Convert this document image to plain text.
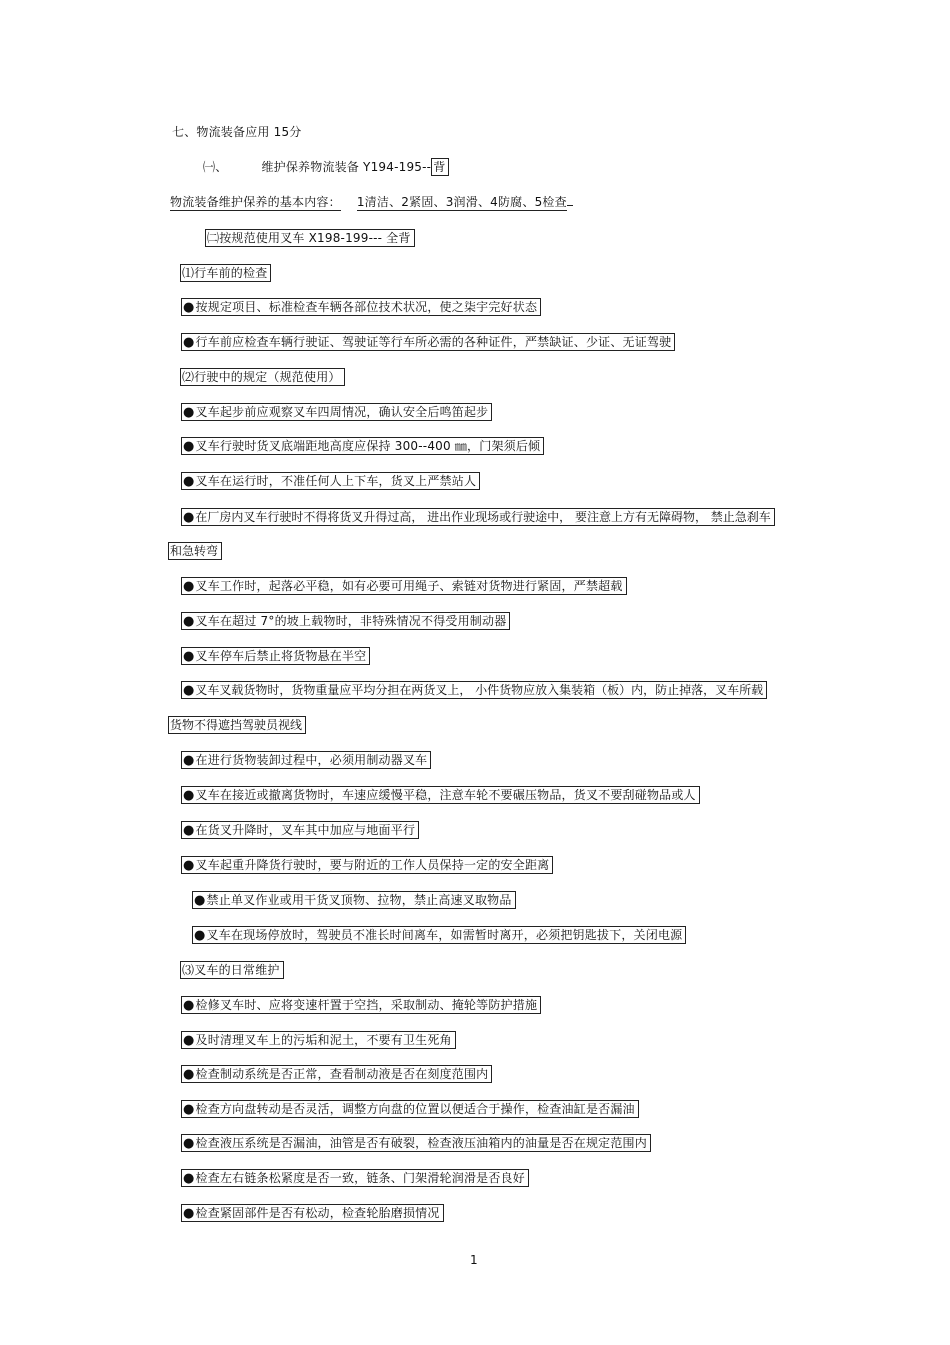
七、物流装备应用 15分
㈠、	维护保养物流装备 Y194-195-- 背
物流装备维护保养的基本内容： 1清洁、2紧固、3润滑、4防腐、5检查
㈡按规范使用叉车 X198-199--- 全背
⑴行车前的检查
●按规定项目、标准检查车辆各部位技术状况，使之柒宇完好状态
●行车前应检查车辆行驶证、驾驶证等行车所必需的各种证件，严禁缺证、少证、无证驾驶
⑵行驶中的规定（规范使用）
●叉车起步前应观察叉车四周情况，确认安全后鸣笛起步
●叉车行驶时货叉底端距地高度应保持 300--400 ㎜，门架须后倾
●叉车在运行时，不准任何人上下车，货叉上严禁站人
●在厂房内叉车行驶时不得将货叉升得过高， 进出作业现场或行驶途中， 要注意上方有无障碍物， 禁止急刹车
和急转弯
●叉车工作时，起落必平稳，如有必要可用绳子、索链对货物进行紧固，严禁超载
●叉车在超过 7°的坡上载物时，非特殊情况不得受用制动器
●叉车停车后禁止将货物悬在半空
●叉车叉载货物时，货物重量应平均分担在两货叉上， 小件货物应放入集装箱（板）内，防止掉落，叉车所载
货物不得遮挡驾驶员视线
●在进行货物装卸过程中，必须用制动器叉车
●叉车在接近或撤离货物时，车速应缓慢平稳，注意车轮不要碾压物品，货叉不要刮碰物品或人
●在货叉升降时，叉车其中加应与地面平行
●叉车起重升降货行驶时，要与附近的工作人员保持一定的安全距离
●禁止单叉作业或用干货叉顶物、拉物，禁止高速叉取物品
●叉车在现场停放时，驾驶员不准长时间离车，如需暂时离开，必须把钥匙拔下，关闭电源
⑶叉车的日常维护
●检修叉车时、应将变速杆置于空挡，采取制动、掩轮等防护措施
●及时清理叉车上的污垢和泥土，不要有卫生死角
●检查制动系统是否正常，查看制动液是否在刻度范围内
●检查方向盘转动是否灵活，调整方向盘的位置以便适合于操作，检查油缸是否漏油
●检查液压系统是否漏油，油管是否有破裂，检查液压油箱内的油量是否在规定范围内
●检查左右链条松紧度是否一致，链条、门架滑轮润滑是否良好
●检查紧固部件是否有松动，检查轮胎磨损情况
1
